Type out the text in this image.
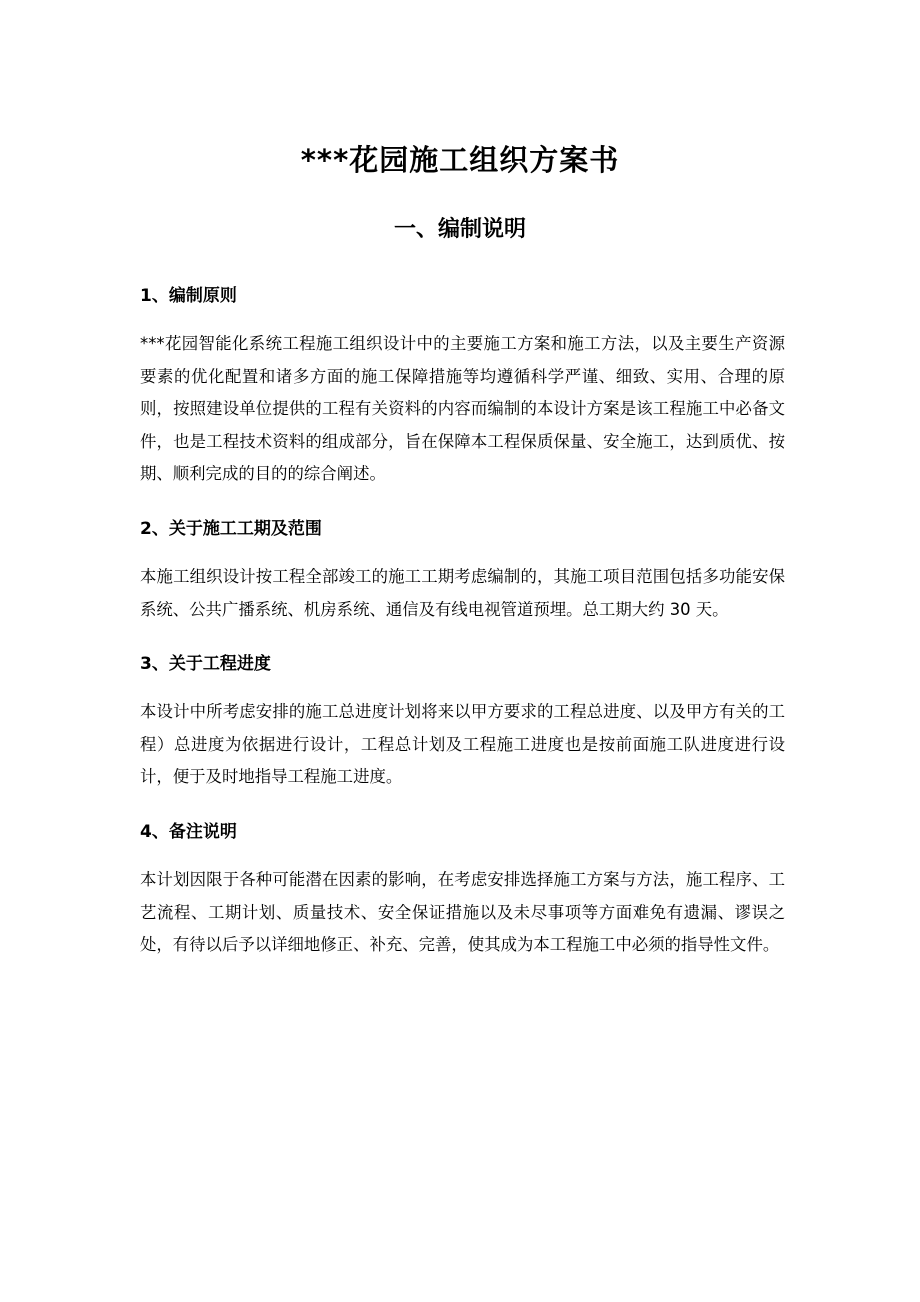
***花园施工组织方案书
一、编制说明
1、编制原则

***花园智能化系统工程施工组织设计中的主要施工方案和施工方法，以及主要生产资源要素的优化配置和诸多方面的施工保障措施等均遵循科学严谨、细致、实用、合理的原则，按照建设单位提供的工程有关资料的内容而编制的本设计方案是该工程施工中必备文件，也是工程技术资料的组成部分，旨在保障本工程保质保量、安全施工，达到质优、按期、顺利完成的目的的综合阐述。

2、关于施工工期及范围

本施工组织设计按工程全部竣工的施工工期考虑编制的，其施工项目范围包括多功能安保系统、公共广播系统、机房系统、通信及有线电视管道预埋。总工期大约 30 天。

3、关于工程进度

本设计中所考虑安排的施工总进度计划将来以甲方要求的工程总进度、以及甲方有关的工程）总进度为依据进行设计，工程总计划及工程施工进度也是按前面施工队进度进行设计，便于及时地指导工程施工进度。

4、备注说明

本计划因限于各种可能潜在因素的影响，在考虑安排选择施工方案与方法，施工程序、工艺流程、工期计划、质量技术、安全保证措施以及未尽事项等方面难免有遗漏、谬误之处，有待以后予以详细地修正、补充、完善，使其成为本工程施工中必须的指导性文件。
